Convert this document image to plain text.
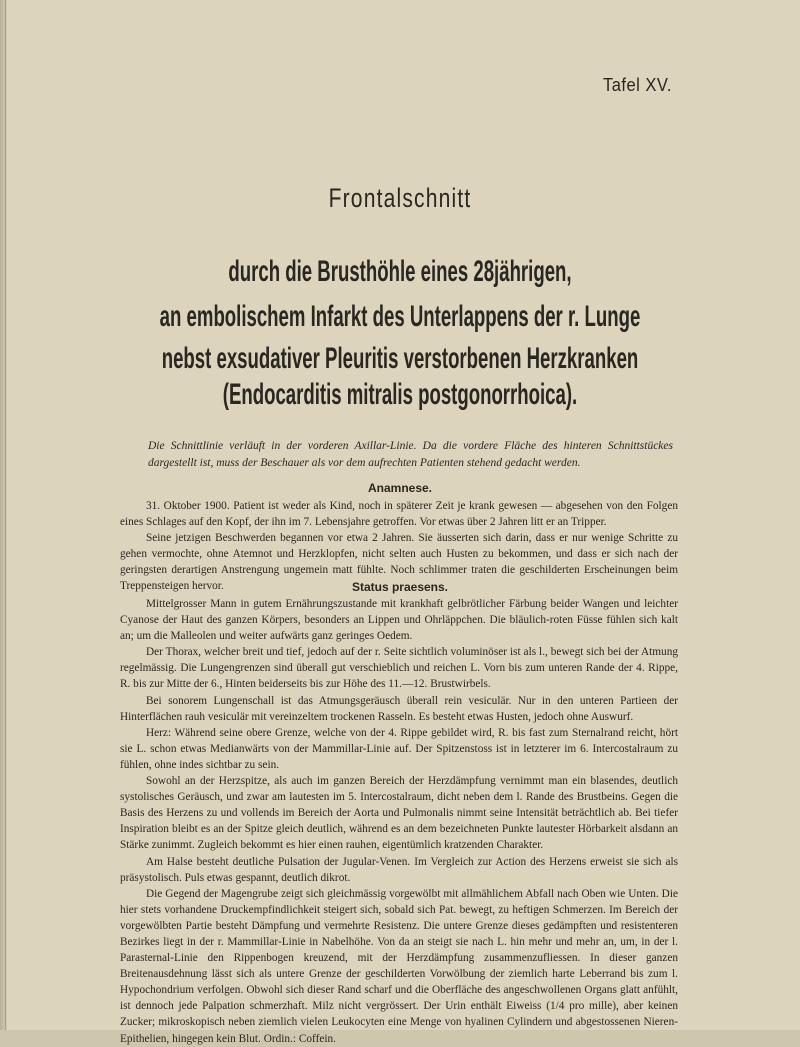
Tafel XV.
Frontalschnitt
durch die Brusthöhle eines 28jährigen,
an embolischem Infarkt des Unterlappens der r. Lunge
nebst exsudativer Pleuritis verstorbenen Herzkranken
(Endocarditis mitralis postgonorrhoica).
Die Schnittlinie verläuft in der vorderen Axillar-Linie. Da die vordere Fläche des hinteren Schnittstückes dargestellt ist, muss der Beschauer als vor dem aufrechten Patienten stehend gedacht werden.
Anamnese.

31. Oktober 1900. Patient ist weder als Kind, noch in späterer Zeit je krank gewesen — abgesehen von den Folgen eines Schlages auf den Kopf, der ihn im 7. Lebensjahre getroffen. Vor etwas über 2 Jahren litt er an Tripper.

Seine jetzigen Beschwerden begannen vor etwa 2 Jahren. Sie äusserten sich darin, dass er nur wenige Schritte zu gehen vermochte, ohne Atemnot und Herzklopfen, nicht selten auch Husten zu bekommen, und dass er sich nach der geringsten derartigen Anstrengung ungemein matt fühlte. Noch schlimmer traten die geschilderten Erscheinungen beim Treppensteigen hervor.	Status praesens.

Mittelgrosser Mann in gutem Ernährungszustande mit krankhaft gelbrötlicher Färbung beider Wangen und leichter Cyanose der Haut des ganzen Körpers, besonders an Lippen und Ohrläppchen. Die bläulich-roten Füsse fühlen sich kalt an; um die Malleolen und weiter aufwärts ganz geringes Oedem.

Der Thorax, welcher breit und tief, jedoch auf der r. Seite sichtlich voluminöser ist als l., bewegt sich bei der Atmung regelmässig. Die Lungengrenzen sind überall gut verschieblich und reichen L. Vorn bis zum unteren Rande der 4. Rippe, R. bis zur Mitte der 6., Hinten beiderseits bis zur Höhe des 11.—12. Brustwirbels.

Bei sonorem Lungenschall ist das Atmungsgeräusch überall rein vesiculär. Nur in den unteren Partieen der Hinterflächen rauh vesiculär mit vereinzeltem trockenen Rasseln. Es besteht etwas Husten, jedoch ohne Auswurf.

Herz: Während seine obere Grenze, welche von der 4. Rippe gebildet wird, R. bis fast zum Sternalrand reicht, hört sie L. schon etwas Medianwärts von der Mammillar-Linie auf. Der Spitzenstoss ist in letzterer im 6. Intercostalraum zu fühlen, ohne indes sichtbar zu sein.

Sowohl an der Herzspitze, als auch im ganzen Bereich der Herzdämpfung vernimmt man ein blasendes, deutlich systolisches Geräusch, und zwar am lautesten im 5. Intercostalraum, dicht neben dem l. Rande des Brustbeins. Gegen die Basis des Herzens zu und vollends im Bereich der Aorta und Pulmonalis nimmt seine Intensität beträchtlich ab. Bei tiefer Inspiration bleibt es an der Spitze gleich deutlich, während es an dem bezeichneten Punkte lautester Hörbarkeit alsdann an Stärke zunimmt. Zugleich bekommt es hier einen rauhen, eigentümlich kratzenden Charakter.

Am Halse besteht deutliche Pulsation der Jugular-Venen. Im Vergleich zur Action des Herzens erweist sie sich als präsystolisch. Puls etwas gespannt, deutlich dikrot.

Die Gegend der Magengrube zeigt sich gleichmässig vorgewölbt mit allmählichem Abfall nach Oben wie Unten. Die hier stets vorhandene Druckempfindlichkeit steigert sich, sobald sich Pat. bewegt, zu heftigen Schmerzen. Im Bereich der vorgewölbten Partie besteht Dämpfung und vermehrte Resistenz. Die untere Grenze dieses gedämpften und resistenteren Bezirkes liegt in der r. Mammillar-Linie in Nabelhöhe. Von da an steigt sie nach L. hin mehr und mehr an, um, in der l. Parasternal-Linie den Rippenbogen kreuzend, mit der Herzdämpfung zusammenzufliessen. In dieser ganzen Breitenausdehnung lässt sich als untere Grenze der geschilderten Vorwölbung der ziemlich harte Leberrand bis zum l. Hypochondrium verfolgen. Obwohl sich dieser Rand scharf und die Oberfläche des angeschwollenen Organs glatt anfühlt, ist dennoch jede Palpation schmerzhaft. Milz nicht vergrössert. Der Urin enthält Eiweiss (1/4 pro mille), aber keinen Zucker; mikroskopisch neben ziemlich vielen Leukocyten eine Menge von hyalinen Cylindern und abgestossenen Nieren-Epithelien, hingegen kein Blut. Ordin.: Coffein.
